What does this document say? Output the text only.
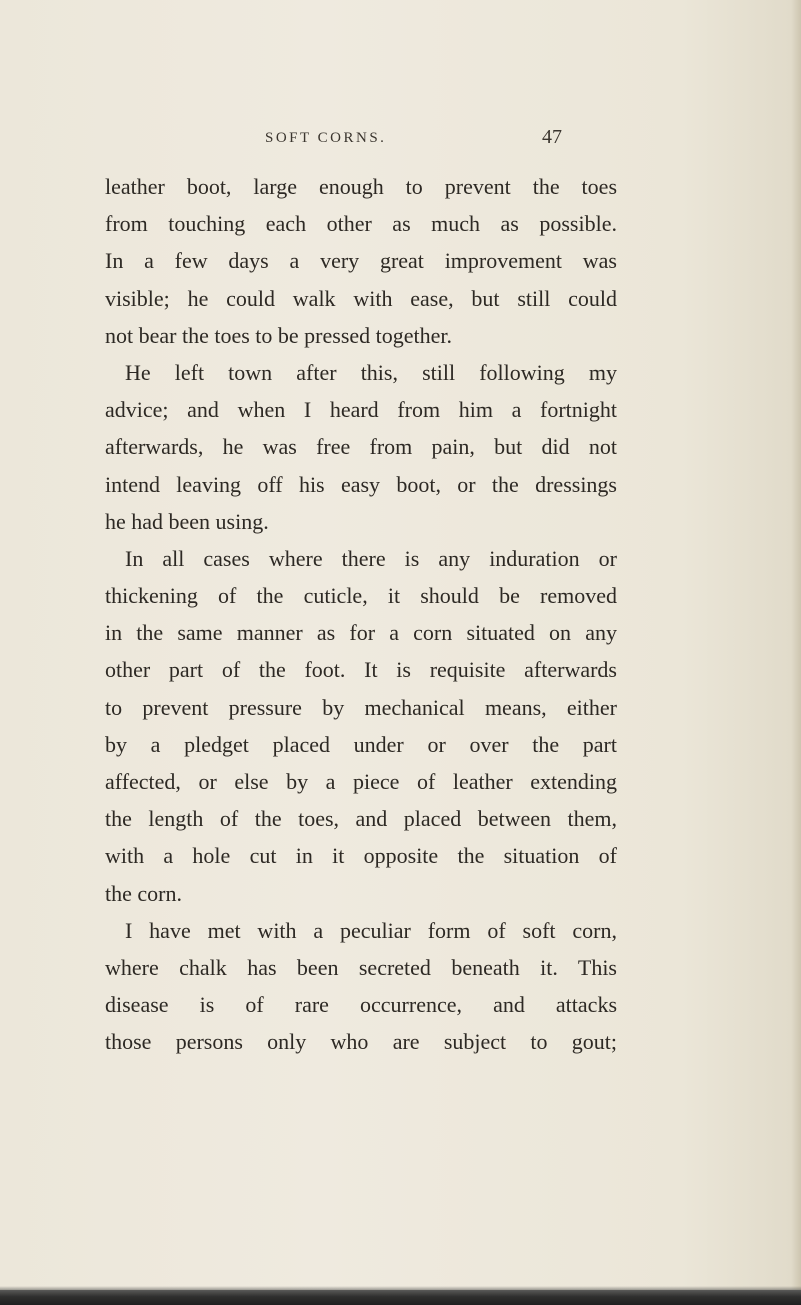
SOFT CORNS.	47
leather boot, large enough to prevent the toes
from touching each other as much as possible.
In a few days a very great improvement was
visible; he could walk with ease, but still could
not bear the toes to be pressed together.
He left town after this, still following my
advice; and when I heard from him a fortnight
afterwards, he was free from pain, but did not
intend leaving off his easy boot, or the dressings
he had been using.
In all cases where there is any induration or
thickening of the cuticle, it should be removed
in the same manner as for a corn situated on any
other part of the foot. It is requisite afterwards
to prevent pressure by mechanical means, either
by a pledget placed under or over the part
affected, or else by a piece of leather extending
the length of the toes, and placed between them,
with a hole cut in it opposite the situation of
the corn.
I have met with a peculiar form of soft corn,
where chalk has been secreted beneath it. This
disease is of rare occurrence, and attacks
those persons only who are subject to gout;
